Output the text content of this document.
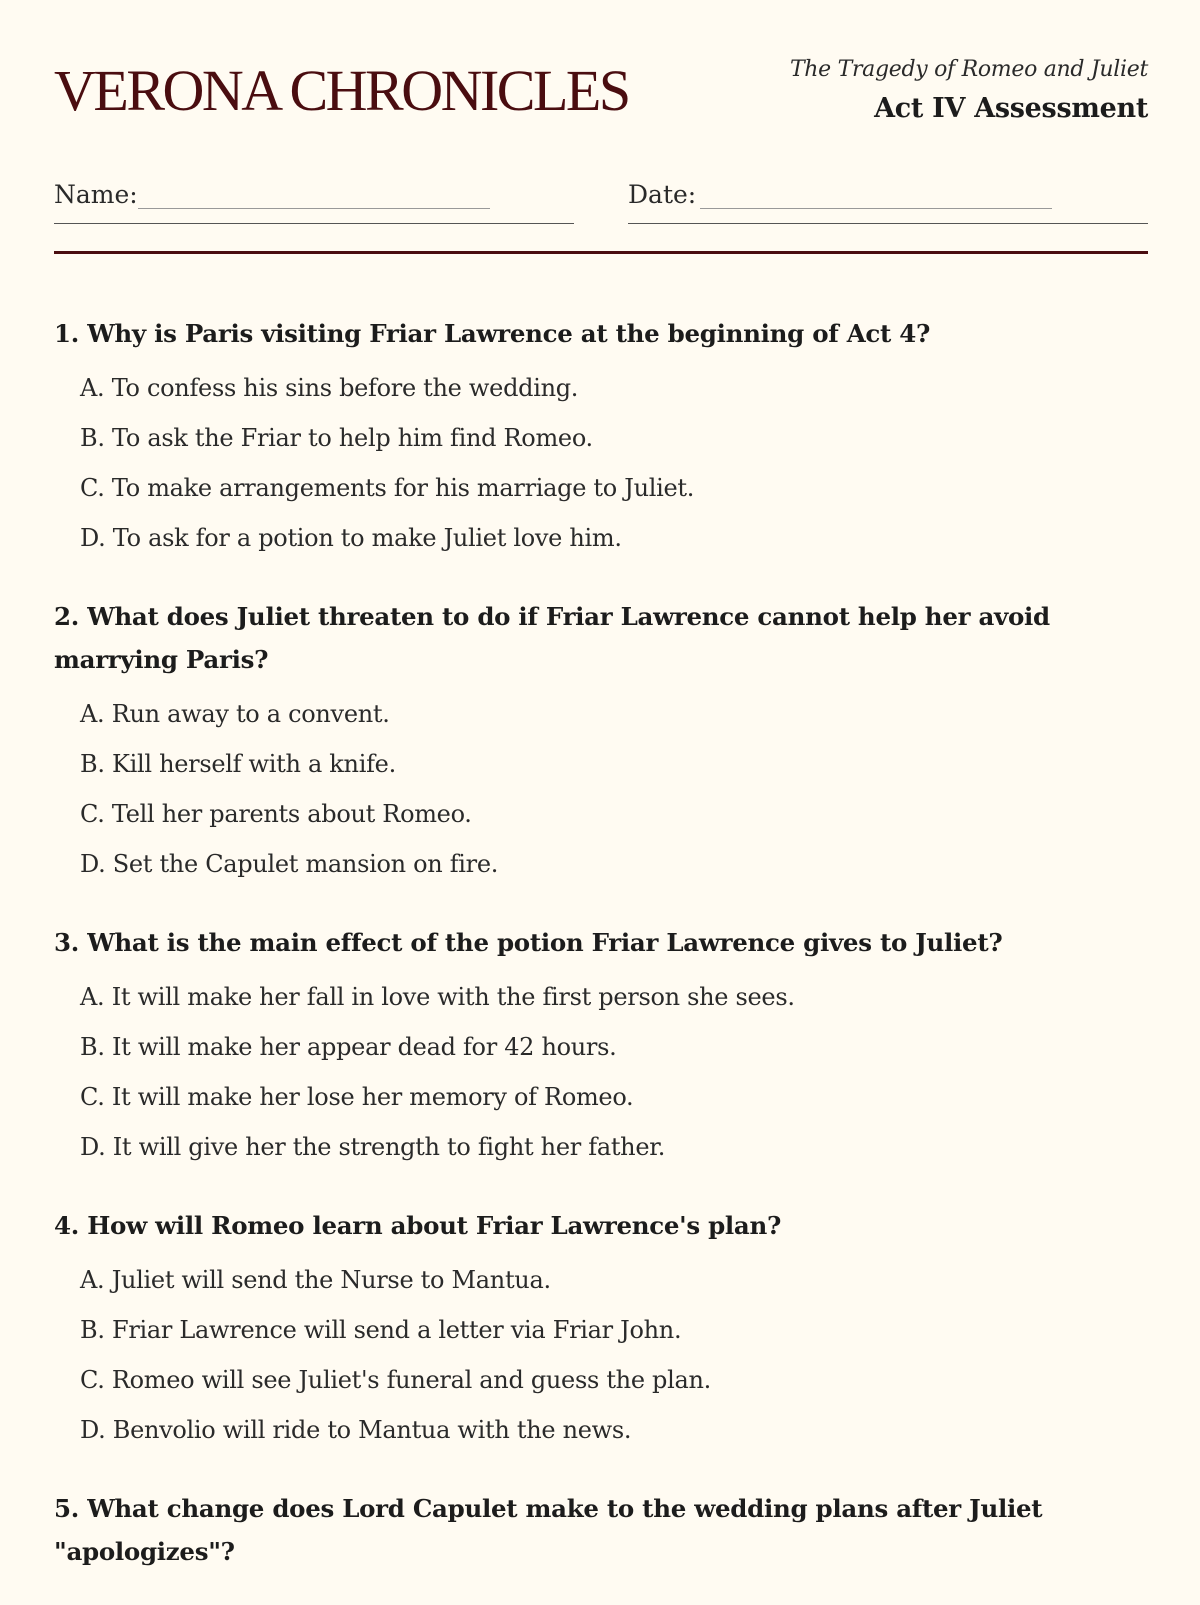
VERONA CHRONICLES	The Tragedy of Romeo and Juliet
Act IV Assessment
Name:	Date:
1. Why is Paris visiting Friar Lawrence at the beginning of Act 4?
A. To confess his sins before the wedding.
B. To ask the Friar to help him find Romeo.
C. To make arrangements for his marriage to Juliet.
D. To ask for a potion to make Juliet love him.
2. What does Juliet threaten to do if Friar Lawrence cannot help her avoid marrying Paris?
A. Run away to a convent.
B. Kill herself with a knife.
C. Tell her parents about Romeo.
D. Set the Capulet mansion on fire.
3. What is the main effect of the potion Friar Lawrence gives to Juliet?
A. It will make her fall in love with the first person she sees.
B. It will make her appear dead for 42 hours.
C. It will make her lose her memory of Romeo.
D. It will give her the strength to fight her father.
4. How will Romeo learn about Friar Lawrence's plan?
A. Juliet will send the Nurse to Mantua.
B. Friar Lawrence will send a letter via Friar John.
C. Romeo will see Juliet's funeral and guess the plan.
D. Benvolio will ride to Mantua with the news.
5. What change does Lord Capulet make to the wedding plans after Juliet "apologizes"?
